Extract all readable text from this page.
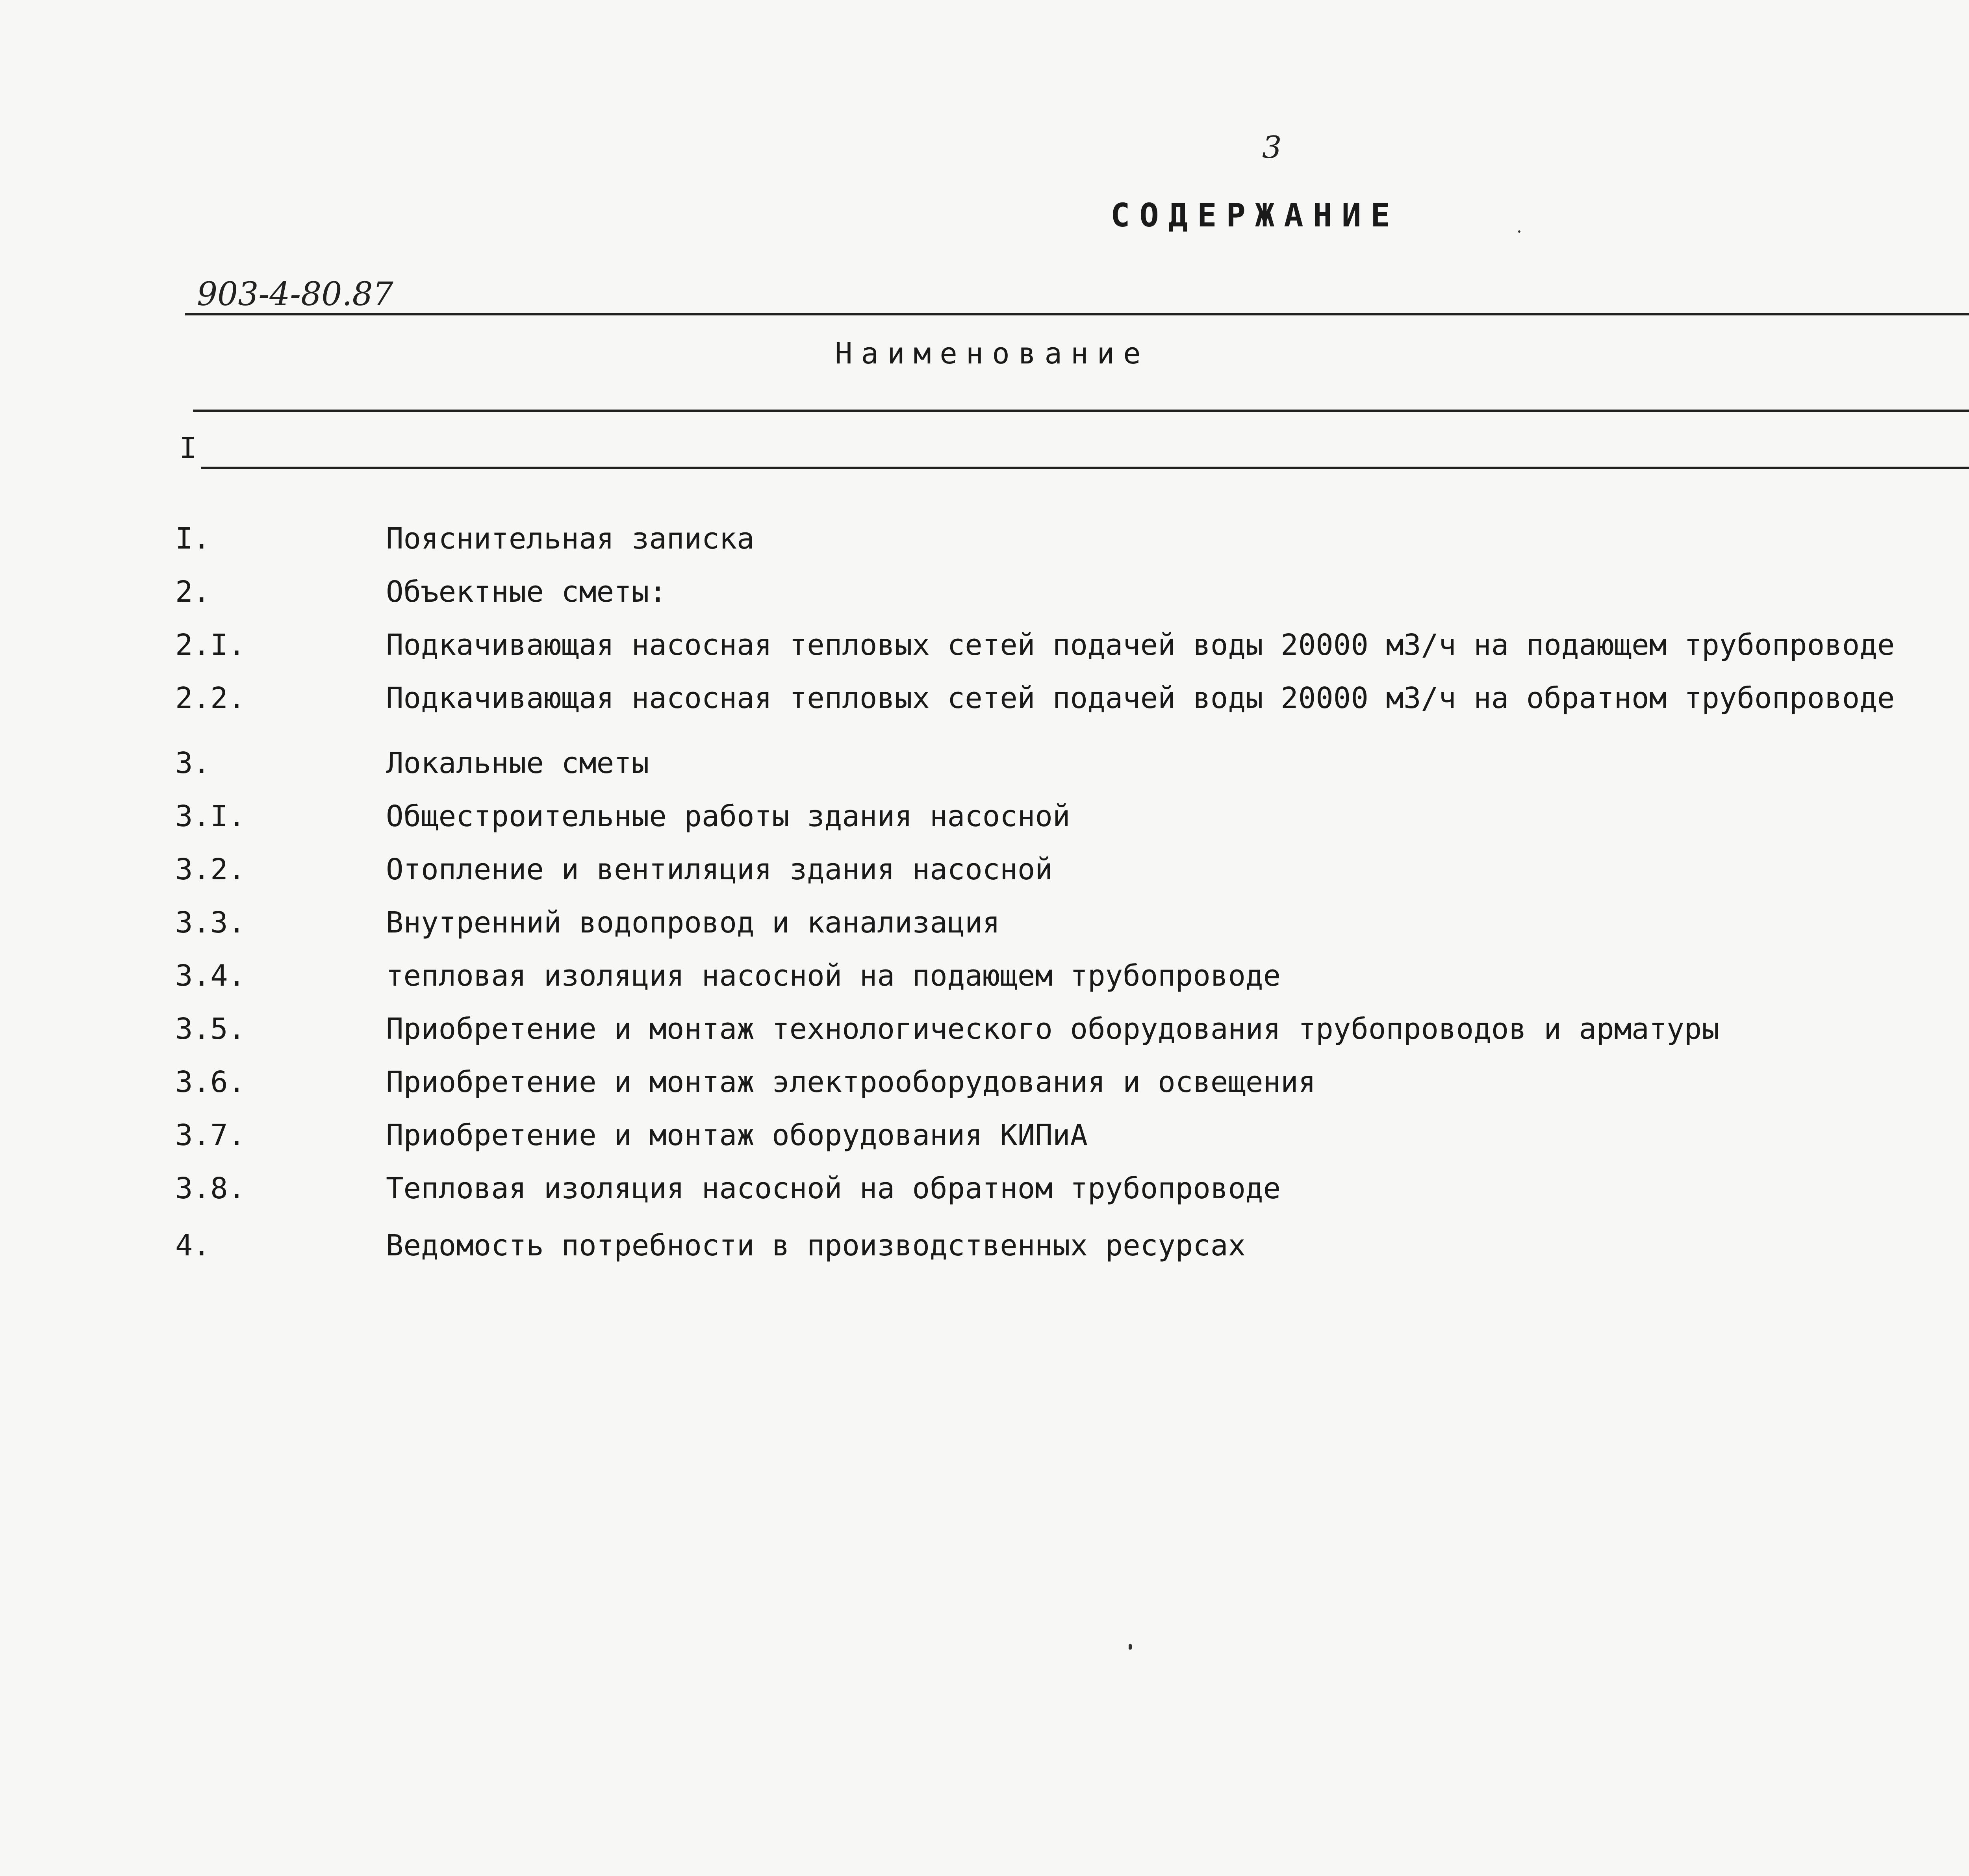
3
СОДЕРЖАНИЕ
903-4-80.87
Наименование
I
I.	Пояснительная записка
2.	Объектные сметы:
2.I.	Подкачивающая насосная тепловых сетей подачей воды 20000 м3/ч на подающем трубопроводе
2.2.	Подкачивающая насосная тепловых сетей подачей воды 20000 м3/ч на обратном трубопроводе
3.	Локальные сметы
3.I.	Общестроительные работы здания насосной
3.2.	Отопление и вентиляция здания насосной
3.3.	Внутренний водопровод и канализация
3.4.	тепловая изоляция насосной на подающем трубопроводе
3.5.	Приобретение и монтаж технологического оборудования трубопроводов и арматуры
3.6.	Приобретение и монтаж электрооборудования и освещения
3.7.	Приобретение и монтаж оборудования КИПиА
3.8.	Тепловая изоляция насосной на обратном трубопроводе
4.	Ведомость потребности в производственных ресурсах
